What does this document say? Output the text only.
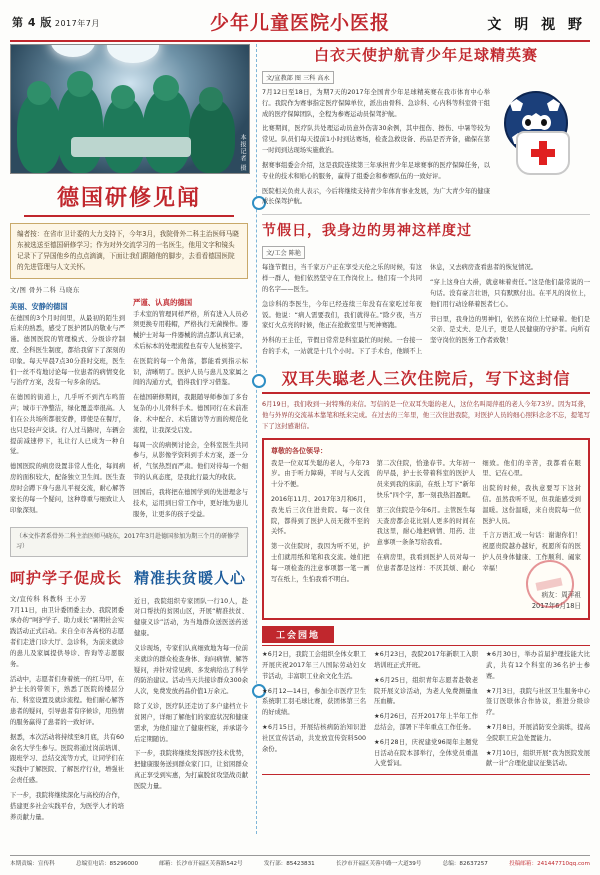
第 4 版 2017年7月	少年儿童医院小医报	文 明 视 野
本报记者 摄
德国研修见闻
编者按：在省市卫计委的大力支持下，今年3月，我院骨外二科主治医师马晓东被选送至德国研修学习；作为对外交流学习的一名医生，他用文字和镜头记录下了异国他乡的点点滴滴，下面让我们跟随他的脚步，去看看德国医院的先进管理与人文关怀。
文/图 骨外二科 马晓东
美丽、安静的德国

在德国的3个月时间里，从最初的陌生到后来的熟悉，感受了医护团队的敬业与严谨。德国医院的管理模式、分级诊疗制度、全科医生制度，都给我留下了深刻的印象。每天早晨7点30分准时交班，医生们一丝不苟地讨论每一位患者的病情变化与治疗方案，没有一句多余的话。

在德国的街道上，几乎听不到汽车鸣笛声；城市干净整洁，绿化覆盖率很高。人们在公共场所都很安静，即使是在餐厅，也只是轻声交谈。行人过马路时，车辆会提前减速停下，礼让行人已成为一种自觉。

德国医院的病房设置非常人性化，每间病房的面积较大，配备独立卫生间。医生查房时会蹲下身与患儿平视交流，耐心解答家长的每一个疑问，这种尊重与细致让人印象深刻。

严谨、认真的德国

手术室的管理同样严格，所有进入人员必须更换专用鞋帽，严格执行无菌操作。器械护士对每一件器械的清点都认真记录，术后标本的处理流程也有专人复核签字。

在医院的每一个角落，都能看到指示标识，清晰明了。医护人员与患儿及家属之间的沟通方式，值得我们学习借鉴。

在德国研修期间，我跟随导师参加了多台复杂的小儿骨科手术。德国同行在术前准备、术中配合、术后随访等方面的规范化流程，让我深受启发。

每周一次的病例讨论会，全科室医生共同参与，从影像学资料到手术方案，逐一分析，气氛热烈而严肃。他们对待每一个细节的认真态度，是我此行最大的收获。

回国后，我将把在德国学到的先进理念与技术，运用到日常工作中，更好地为患儿服务，让更多的孩子受益。

（本文作者系骨外二科主治医师马晓东，2017年3月赴德国参加为期三个月的研修学习）
呵护学子促成长
文/宣传科 科教科 王小芳

7月11日，由卫计委团委主办、我院团委承办的“呵护学子、助力成长”暑期社会实践活动正式启动。来自全市各高校的志愿者们走进门诊大厅、急诊科，为前来就诊的患儿及家属提供导诊、咨询等志愿服务。

活动中，志愿者们身着统一的红马甲，在护士长的带领下，熟悉了医院的楼层分布、科室设置及就诊流程。他们耐心解答患者的疑问，引导患者有序候诊，用热情的服务赢得了患者的一致好评。

据悉，本次活动将持续至8月底，共有60余名大学生参与。医院将通过岗前培训、跟班学习、总结交流等方式，让同学们在实践中了解医院、了解医疗行业，增强社会责任感。

下一步，我院将继续深化与高校的合作，搭建更多社会实践平台，为医学人才的培养贡献力量。

精准扶贫暖人心

近日，我院组织专家团队一行10人，赴对口帮扶的贫困山区，开展“精准扶贫、健康义诊”活动，为当地群众送医送药送健康。

义诊现场，专家们认真细致地为每一位前来就诊的群众检查身体、询问病情、解答疑问，并针对常见病、多发病给出了科学的防治建议。活动当天共接诊群众300余人次，免费发放药品价值1万余元。

除了义诊，医疗队还走访了多户建档立卡贫困户，详细了解他们的家庭状况和健康需求，为他们建立了健康档案，并承诺今后定期随访。

下一步，我院将继续发挥医疗技术优势，把健康服务送到群众家门口，让贫困群众真正享受到实惠，为打赢脱贫攻坚战贡献医院力量。

白衣天使护航青少年足球精英赛
文/宣教部 图 三科 高永

7月12日至18日，为期7天的2017年全国青少年足球精英赛在我市体育中心举行。我院作为赛事指定医疗保障单位，派出由骨科、急诊科、心内科等科室骨干组成的医疗保障团队，全程为参赛运动员保驾护航。

比赛期间，医疗队共处理运动员意外伤害30余例，其中扭伤、擦伤、中暑等较为常见。队员们每天提前1小时到达赛场，检查急救设备、药品是否齐备，确保在第一时间到达现场实施救治。

据赛事组委会介绍，这是我院连续第三年承担青少年足球赛事的医疗保障任务，以专业的技术和贴心的服务，赢得了组委会和参赛队伍的一致好评。

医院相关负责人表示，今后将继续支持青少年体育事业发展，为广大青少年的健康成长保驾护航。

节假日，我身边的男神这样度过
文/工会 陈艳

每逢节假日，当千家万户正在享受天伦之乐的时候，有这样一群人，他们依然坚守在工作岗位上。他们有一个共同的名字——医生。

急诊科的李医生，今年已经连续三年没有在家吃过年夜饭。他说：“病人需要我们，我们就得在。”除夕夜，当万家灯火点亮的时候，他正在抢救室里与死神赛跑。

外科的王主任，节假日常常是科室最忙的时候。一台接一台的手术，一站就是十几个小时。下了手术台，他顾不上休息，又去病房查看患者的恢复情况。

“穿上这身白大褂，就意味着责任。”这是他们最常说的一句话。没有豪言壮语，只有默默付出。在平凡的岗位上，他们用行动诠释着医者仁心。

节日里，我身边的男神们，依然在岗位上忙碌着。他们是父亲、是丈夫、是儿子，更是人民健康的守护者。向所有坚守岗位的医务工作者致敬！

双耳失聪老人三次住院后，写下这封信
6月19日，我们收到一封特殊的来信。写信的是一位双耳失聪的老人，这位名叫周萍祖的老人今年73岁。因为耳聋，他与外界的交流基本靠笔和纸来完成。在过去的三年里，他三次住进我院，对医护人员的细心照料念念不忘，提笔写下了这封感谢信。
尊敬的各位领导：

我是一位双耳失聪的老人，今年73岁。由于听力障碍，平时与人交流十分不便。

2016年11月、2017年3月和6月，我先后三次住进贵院。每一次住院，都得到了医护人员无微不至的关怀。

第一次住院时，我因为听不见，护士们就用纸和笔和我交流。她们把每一项检查的注意事项都一笔一画写在纸上，生怕我看不明白。

第二次住院，恰逢春节。大年初一的早晨，护士长带着科室的医护人员来到我的床前，在纸上写下“新年快乐”四个字，那一刻我热泪盈眶。

第三次住院是今年6月。主管医生每天查房都会花比别人更多的时间在我这里，耐心地把病情、用药、注意事项一条条写给我看。

在病房里，我看到医护人员对每一位患者都是这样：不厌其烦、耐心细致。他们的辛苦，我都看在眼里、记在心里。

出院的时候，我执意要写下这封信。虽然我听不见，但我能感受到温暖。这份温暖，来自贵院每一位医护人员。

千言万语汇成一句话：谢谢你们！祝愿贵院越办越好，祝愿所有的医护人员身体健康、工作顺利、阖家幸福！

病友：周萍祖
2017年6月18日
工会园地

★6月2日，我院工会组织全体女职工开展庆祝2017年三八国际劳动妇女节活动，丰富职工业余文化生活。

★6月12—14日，参加全市医疗卫生系统职工羽毛球比赛，获团体第三名的好成绩。

★6月15日，开展结核病防治知识进社区宣传活动，共发放宣传资料500余份。

★6月23日，我院2017年新职工入职培训班正式开班。

★6月25日，组织青年志愿者赴敬老院开展义诊活动，为老人免费测量血压血糖。

★6月26日，召开2017年上半年工作总结会，部署下半年重点工作任务。

★6月28日，庆祝建党96周年主题党日活动在院本部举行，全体党员重温入党誓词。

★6月30日，举办首届护理技能大比武，共有12个科室的36名护士参赛。

★7月3日，我院与社区卫生服务中心签订医联体合作协议，推进分级诊疗。

★7月8日，开展消防安全演练，提高全院职工应急处置能力。

★7月10日，组织开展“我为医院发展献一计”合理化建议征集活动。

本期责编：宣传科	总编室电话：85296000	邮箱：长沙市开福区芙蓉路542号	发行部：85423831	长沙市开福区芙蓉中路一大道39号	总编：82637257	投稿邮箱：241447710qq.com
